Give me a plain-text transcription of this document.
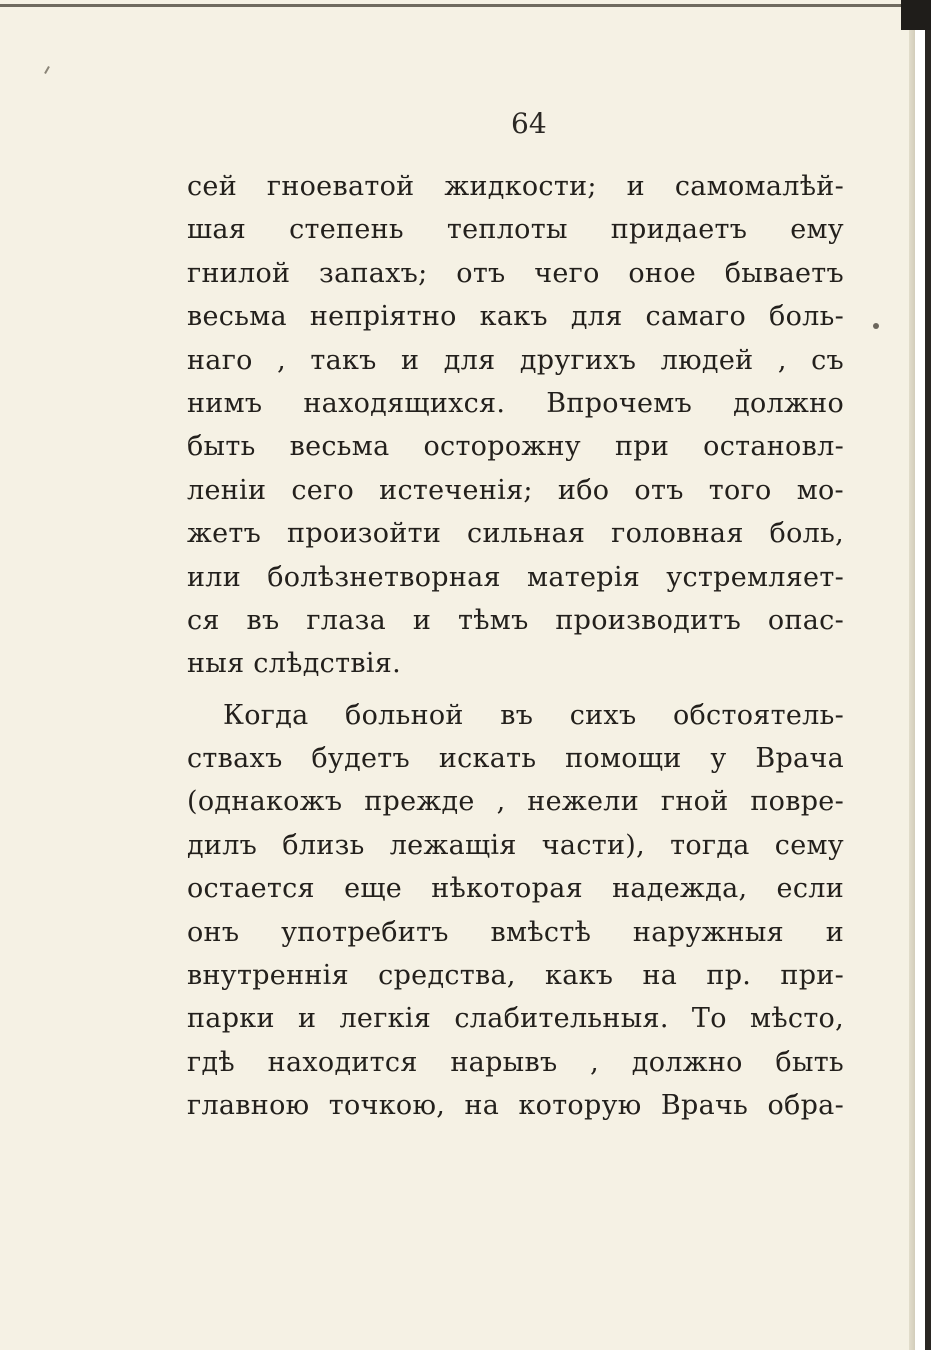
64
сей гноеватой жидкости; и самомалѣй-
шая степень теплоты придаетъ ему
гнилой запахъ; отъ чего оное бываетъ
весьма непріятно какъ для самаго боль-
наго , такъ и для другихъ людей , съ
нимъ находящихся. Впрочемъ должно
быть весьма осторожну при остановл-
леніи сего истеченія; ибо отъ того мо-
жетъ произойти сильная головная боль,
или болѣзнетворная матерія устремляет-
ся въ глаза и тѣмъ производитъ опас-
ныя слѣдствія.
Когда больной въ сихъ обстоятель-
ствахъ будетъ искать помощи у Врача
(однакожъ прежде , нежели гной повре-
дилъ близь лежащія части), тогда сему
остается еще нѣкоторая надежда, если
онъ употребитъ вмѣстѣ наружныя и
внутреннія средства, какъ на пр. при-
парки и легкія слабительныя. То мѣсто,
гдѣ находится нарывъ , должно быть
главною точкою, на которую Врачь обра-
